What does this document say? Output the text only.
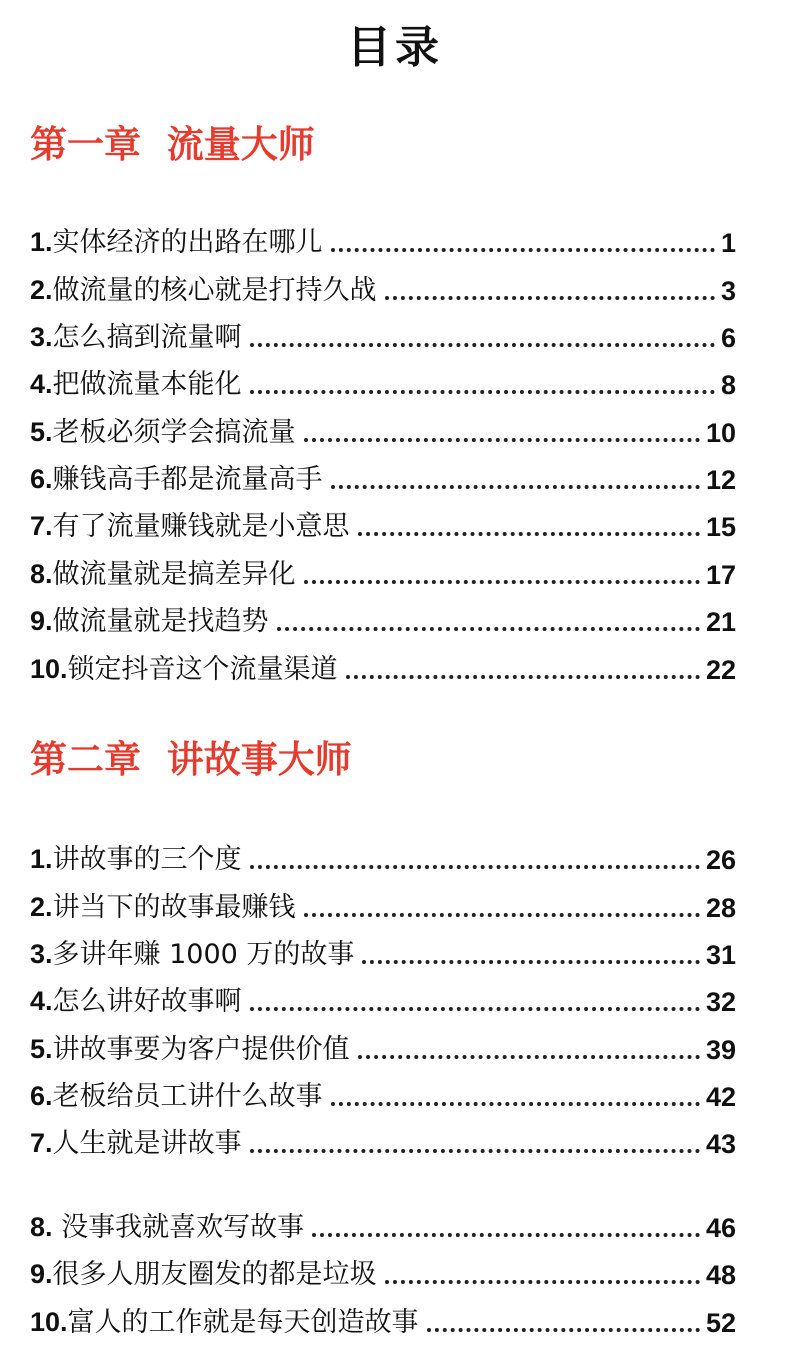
目录
第一章  流量大师
1.实体经济的出路在哪儿	1
2.做流量的核心就是打持久战	3
3.怎么搞到流量啊	6
4.把做流量本能化	8
5.老板必须学会搞流量	10
6.赚钱高手都是流量高手	12
7.有了流量赚钱就是小意思	15
8.做流量就是搞差异化	17
9.做流量就是找趋势	21
10.锁定抖音这个流量渠道	22
第二章  讲故事大师
1.讲故事的三个度	26
2.讲当下的故事最赚钱	28
3.多讲年赚 1000 万的故事	31
4.怎么讲好故事啊	32
5.讲故事要为客户提供价值	39
6.老板给员工讲什么故事	42
7.人生就是讲故事	43
8. 没事我就喜欢写故事	46
9.很多人朋友圈发的都是垃圾	48
10.富人的工作就是每天创造故事	52
